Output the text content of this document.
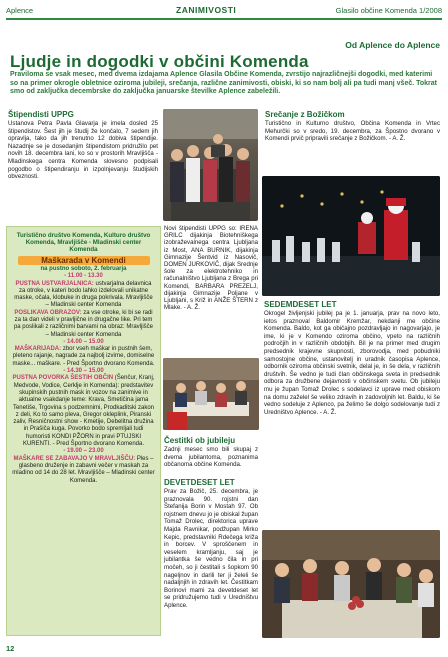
Aplence	ZANIMIVOSTI	Glasilo občine Komenda 1/2008
Od Aplence do Aplence
Ljudje in dogodki v občini Komenda
Praviloma se vsak mesec, med dvema izdajama Aplence Glasila Občine Komenda, zvrstijo najrazličnejši dogodki, med katerimi so na primer okrogle obletnice oziroma jubileji, srečanja, različne zanimivosti, obiski, ki so nam bolj ali pa tudi manj všeč. Tokrat smo od zaključka decembrske do zaključka januarske številke Aplence zabeležili.
Štipendisti UPPG
Ustanova Petra Pavla Glavarja je imela dosled 25 štipendistov. Šest jih je študij že končalo, 7 sedem jih opravlja, tako da jih trenutno 12 dobiva štipendije. Nazadnje se je dosedanjim štipendistom pridružilo pet novih 18. decembra lani, ko so v prostorih Mravljišča - Mladinskega centra Komenda slovesno podpisali pogodbo o štipendiranju in izpolnjevanju študijskih obveznosti.
Srečanje z Božičkom
Turistično in Kulturno društvo, Občina Komenda in Vrtec Mehurčki so v sredo, 19. decembra, za Špostno dvorano v Komendi prvič pripravili srečanje z Božičkom. - A. Ž.
Turistično društvo Komenda, Kulturo društvo Komenda, Mravljišče - Mladinski center Komenda
Maškarada v Komendi
na pustno soboto, 2. februarja
- 11.00 - 13.30
PUSTNA USTVARJALNICA: ustvarjalna delavnica za otroke, v kateri bodo lahko izdelovali unikatne maske, očala, klobuke in druga pokrivala. Mravljišče – Mladinski center Komenda
POSLIKAVA OBRAZOV: za vse otroke, ki bi se radi za ta dan videli v pravljične in drugačne like. Pri tem pa poslikali z različnimi barvami na obraz: Mravljišče – Mladinski center Komenda
- 14.00 – 15.00
MAŠKARIJADA: zbor vseh maškar in pustnih šem, pleteno rajanje, nagrade za najbolj izvirne, domiselne maske... maškare. - Pred Športno dvorano Komenda.
- 14.30 – 15.00
PUSTNA POVORKA ŠESTIH OBČIN (Šenčur, Kranj, Medvode, Vodice, Cerklje in Komenda): predstavitev skupinskih pustnih mask in vozov na zanimive in aktualne vsakdanje teme: Krava, Smetičina jama Tenetiše, Trgovina s podzemnimi, Prodkaditski zakon z deli, Ko to samo pleva, Gregor okleplink, Piranski zaliv, Resničnostni show - Kmetije, Debelitna družina in Prašiča kuga. Povorko bodo spremljali tudi humoristi KONDI PŽORN in pravi PTUJSKI KURENTI. - Pred Športno dvorano Komenda.
- 19.00 – 23.00
MAŠKARE SE ZABAVAJO V MRAVLJIŠČU: Ples – glasbeno druženje in zabavni večer v maskah za mladino od 14 do 28 let. Mravljišče – Mladinski center Komenda.
Novi štipendisti UPPG so: IRENA GRILC dijakinja Biotehniškega izobraževalnega centra Ljubljana iz Most, ANA BURNIK, dijakinja Gimnazije Šentvid iz Nasovič, DOMEN JURKOVIČ, dijak Srednje šole za elektrotehniko in računalništvo Ljubljana z Brega pri Komendi, BARBARA PREZELJ, dijakinja Gimnazije Poljane v Ljubljani, s Križ in ANŽE ŠTERN z Mlake. - A. Ž.
Čestitki ob jubileju
Zadnji mesec smo bili skupaj z dvema jubilantoma, poznanima občanoma občine Komenda.
DEVETDESET LET
Prav za Božič, 25. decembra, je praznovala 90. rojstni dan Štefanija Borin v Mostah 97. Ob rojstnem dnevu jo je obiskal župan Tomaž Drolec, direktorica uprave Majda Ravnikar, podžupan Mirko Kepic, predstavniki Rdečega križa in borcev. V sproščenem in veselem kramljanju, saj je jubilantka še vedno čila in pri močeh, so ji čestitali s šopkom 90 nageljnov in darili ter ji želeli še nadaljnjih in zdravih let. Čestitkam Borinovi mami za devetdeset let se pridružujemo tudi v Uredništvu Aplence.
SEDEMDESET LET
Okrogel življenjski jubilej pa je 1. januarja, prav na novo leto, ietos praznoval Baldomir Kremžar, nekdanji rne občine Komenda. Baldo, kot ga običajno pozdravljajo in nagovarjajo, je ime, ki je v Komendo oziroma občino, vpeto na različnih področjih in v različnih obdobjih. Bil je na primer med drugim predsednik krajevne skupnosti, zborovodja, med pobudniki samostojne občine, ustanovitelj in uradnik časopisa Aplence, odbornik oziroma občinski svetnik, delal je, in še dela, v različnih društvih. Še vedno je tudi član občinskega sveta in predsednik odbora za družbene dejavnosti v občinskem svetu. Ob jubileju mu je župan Tomaž Drolec s sodelavci iz uprave med obiskom na domu zaželel še veliko zdravih in zadovoljnih let. Baldu, ki še vedno sodeluje z Aplenco, pa želimo še dolgo sodelovanje tudi z Uredništvo Aplence. - A. Ž.
12
